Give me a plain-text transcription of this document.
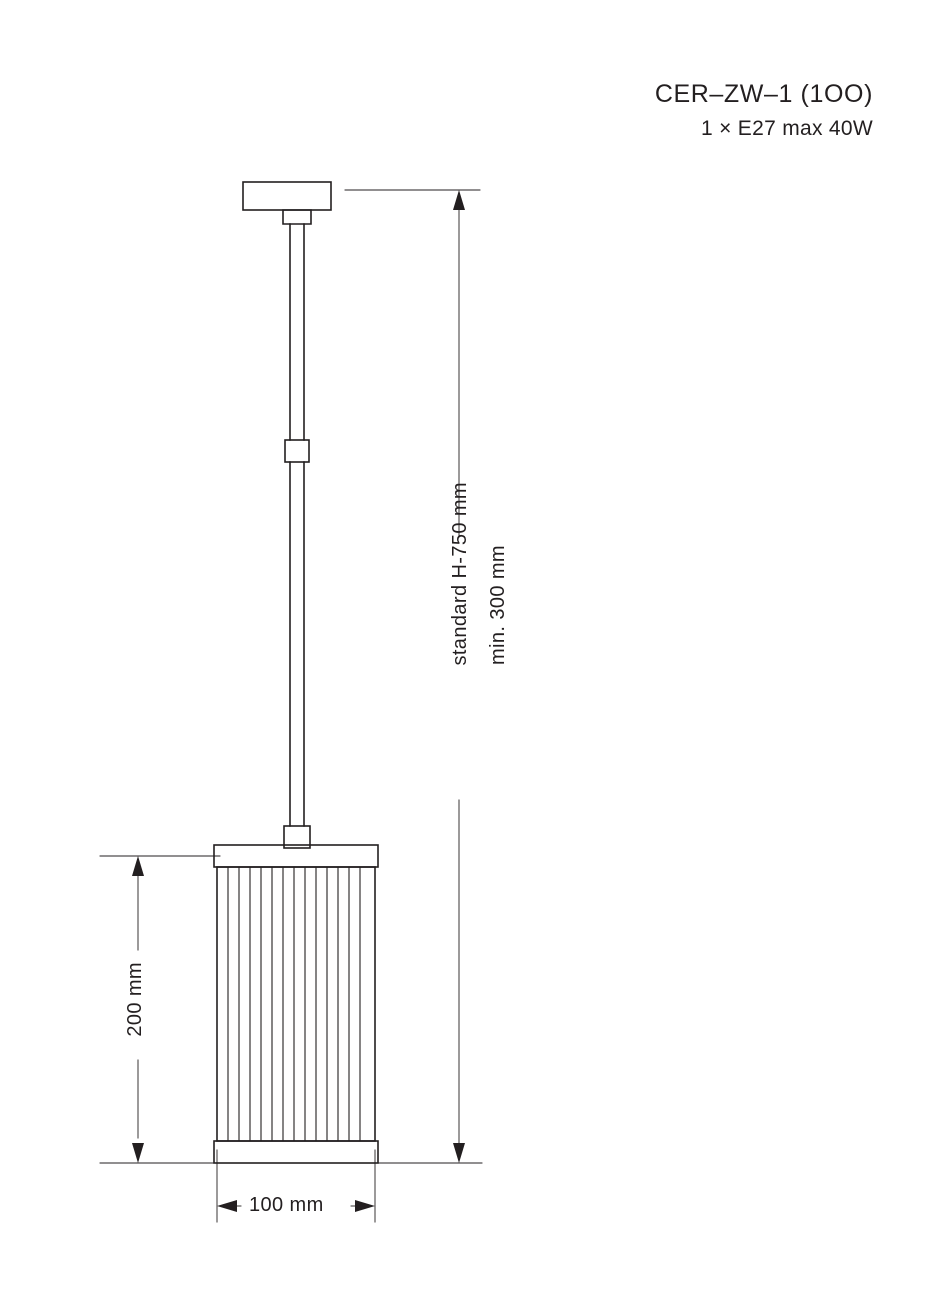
CER–ZW–1 (1OO)
1 × E27 max 40W
standard H-750 mm min. 300 mm
200 mm
100 mm
